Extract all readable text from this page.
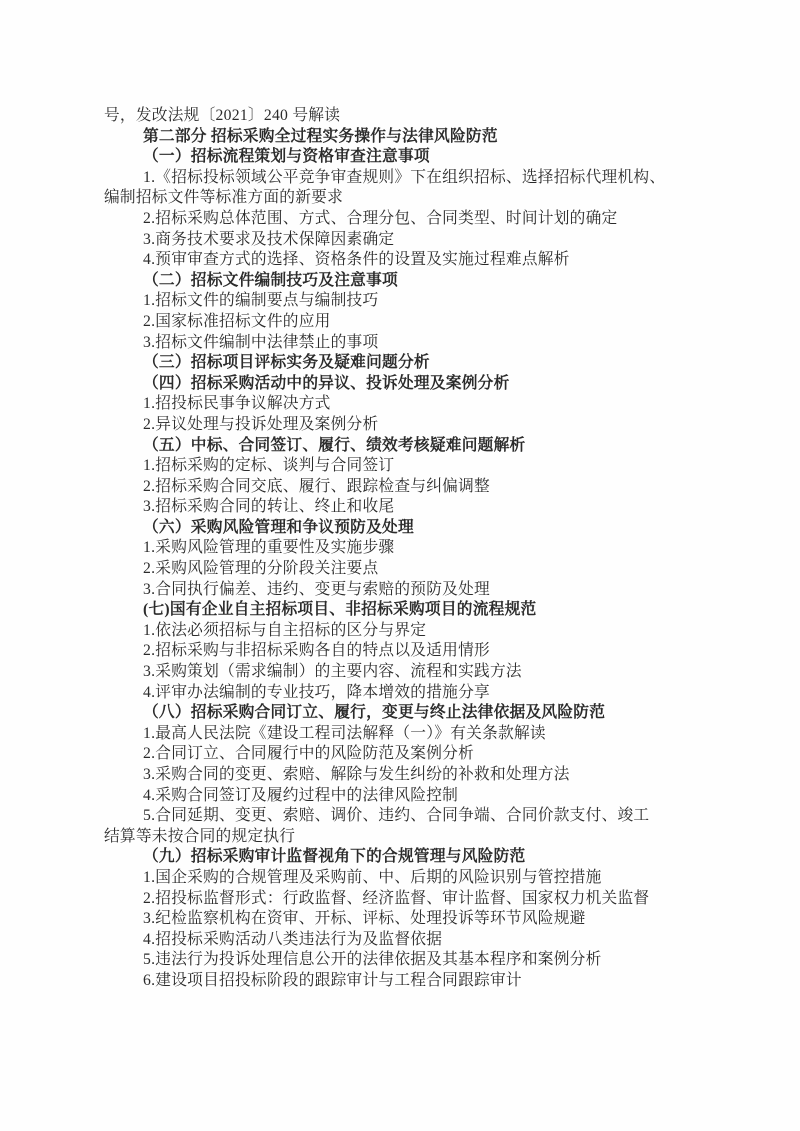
号，发改法规〔2021〕240 号解读

第二部分 招标采购全过程实务操作与法律风险防范

（一）招标流程策划与资格审查注意事项

1.《招标投标领域公平竞争审查规则》下在组织招标、选择招标代理机构、

编制招标文件等标准方面的新要求

2.招标采购总体范围、方式、合理分包、合同类型、时间计划的确定

3.商务技术要求及技术保障因素确定

4.预审审查方式的选择、资格条件的设置及实施过程难点解析

（二）招标文件编制技巧及注意事项

1.招标文件的编制要点与编制技巧

2.国家标准招标文件的应用

3.招标文件编制中法律禁止的事项

（三）招标项目评标实务及疑难问题分析

（四）招标采购活动中的异议、投诉处理及案例分析

1.招投标民事争议解决方式

2.异议处理与投诉处理及案例分析

（五）中标、合同签订、履行、绩效考核疑难问题解析

1.招标采购的定标、谈判与合同签订

2.招标采购合同交底、履行、跟踪检查与纠偏调整

3.招标采购合同的转让、终止和收尾

（六）采购风险管理和争议预防及处理

1.采购风险管理的重要性及实施步骤

2.采购风险管理的分阶段关注要点

3.合同执行偏差、违约、变更与索赔的预防及处理

(七)国有企业自主招标项目、非招标采购项目的流程规范

1.依法必须招标与自主招标的区分与界定

2.招标采购与非招标采购各自的特点以及适用情形

3.采购策划（需求编制）的主要内容、流程和实践方法

4.评审办法编制的专业技巧，降本增效的措施分享

（八）招标采购合同订立、履行，变更与终止法律依据及风险防范

1.最高人民法院《建设工程司法解释（一）》有关条款解读

2.合同订立、合同履行中的风险防范及案例分析

3.采购合同的变更、索赔、解除与发生纠纷的补救和处理方法

4.采购合同签订及履约过程中的法律风险控制

5.合同延期、变更、索赔、调价、违约、合同争端、合同价款支付、竣工

结算等未按合同的规定执行

（九）招标采购审计监督视角下的合规管理与风险防范

1.国企采购的合规管理及采购前、中、后期的风险识别与管控措施

2.招投标监督形式：行政监督、经济监督、审计监督、国家权力机关监督

3.纪检监察机构在资审、开标、评标、处理投诉等环节风险规避

4.招投标采购活动八类违法行为及监督依据

5.违法行为投诉处理信息公开的法律依据及其基本程序和案例分析

6.建设项目招投标阶段的跟踪审计与工程合同跟踪审计
